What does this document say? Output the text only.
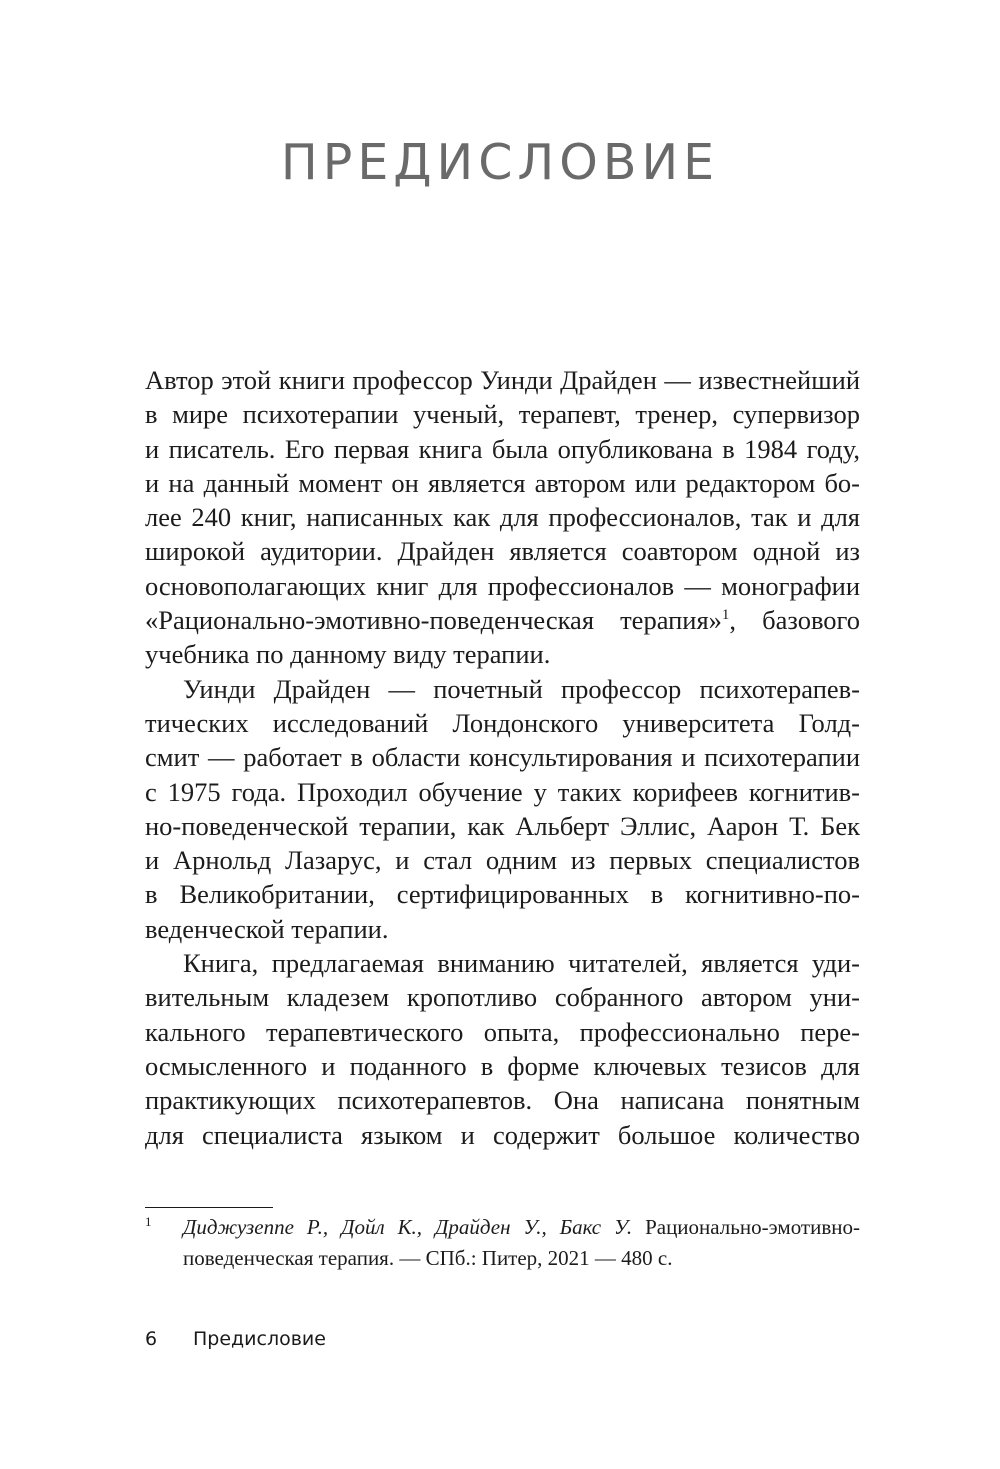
ПРЕДИСЛОВИЕ

Автор этой книги профессор Уинди Драйден — известнейший
в мире психотерапии ученый, терапевт, тренер, супервизор
и писатель. Его первая книга была опубликована в 1984 году,
и на данный момент он является автором или редактором бо-
лее 240 книг, написанных как для профессионалов, так и для
широкой аудитории. Драйден является соавтором одной из
основополагающих книг для профессионалов — монографии
«Рационально-эмотивно-поведенческая терапия»$^1$, базового
учебника по данному виду терапии.

Уинди Драйден — почетный профессор психотерапев-
тических исследований Лондонского университета Голд-
смит — работает в области консультирования и психотерапии
с 1975 года. Проходил обучение у таких корифеев когнитив-
но-поведенческой терапии, как Альберт Эллис, Аарон Т. Бек
и Арнольд Лазарус, и стал одним из первых специалистов
в Великобритании, сертифицированных в когнитивно-по-
веденческой терапии.

Книга, предлагаемая вниманию читателей, является уди-
вительным кладезем кропотливо собранного автором уни-
кального терапевтического опыта, профессионально пере-
осмысленного и поданного в форме ключевых тезисов для
практикующих психотерапевтов. Она написана понятным
для специалиста языком и содержит большое количество

1 Диджузеппе Р., Дойл К., Драйден У., Бакс У. Рационально-эмотивно-
поведенческая терапия. — СПб.: Питер, 2021 — 480 с.
6 Предисловие
